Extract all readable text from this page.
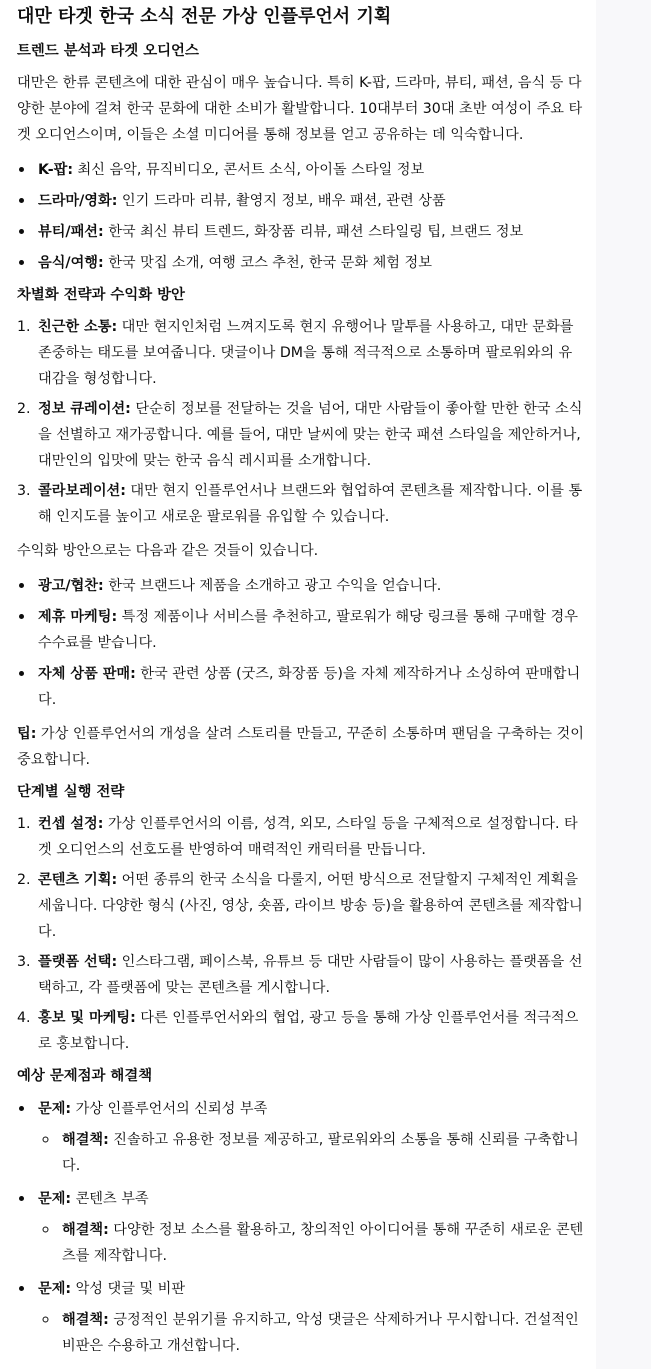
대만 타겟 한국 소식 전문 가상 인플루언서 기획
트렌드 분석과 타겟 오디언스

대만은 한류 콘텐츠에 대한 관심이 매우 높습니다. 특히 K-팝, 드라마, 뷰티, 패션, 음식 등 다양한 분야에 걸쳐 한국 문화에 대한 소비가 활발합니다. 10대부터 30대 초반 여성이 주요 타겟 오디언스이며, 이들은 소셜 미디어를 통해 정보를 얻고 공유하는 데 익숙합니다.

• K-팝: 최신 음악, 뮤직비디오, 콘서트 소식, 아이돌 스타일 정보
• 드라마/영화: 인기 드라마 리뷰, 촬영지 정보, 배우 패션, 관련 상품
• 뷰티/패션: 한국 최신 뷰티 트렌드, 화장품 리뷰, 패션 스타일링 팁, 브랜드 정보
• 음식/여행: 한국 맛집 소개, 여행 코스 추천, 한국 문화 체험 정보
차별화 전략과 수익화 방안
1. 친근한 소통: 대만 현지인처럼 느껴지도록 현지 유행어나 말투를 사용하고, 대만 문화를 존중하는 태도를 보여줍니다. 댓글이나 DM을 통해 적극적으로 소통하며 팔로워와의 유대감을 형성합니다.
2. 정보 큐레이션: 단순히 정보를 전달하는 것을 넘어, 대만 사람들이 좋아할 만한 한국 소식을 선별하고 재가공합니다. 예를 들어, 대만 날씨에 맞는 한국 패션 스타일을 제안하거나, 대만인의 입맛에 맞는 한국 음식 레시피를 소개합니다.
3. 콜라보레이션: 대만 현지 인플루언서나 브랜드와 협업하여 콘텐츠를 제작합니다. 이를 통해 인지도를 높이고 새로운 팔로워를 유입할 수 있습니다.

수익화 방안으로는 다음과 같은 것들이 있습니다.

• 광고/협찬: 한국 브랜드나 제품을 소개하고 광고 수익을 얻습니다.
• 제휴 마케팅: 특정 제품이나 서비스를 추천하고, 팔로워가 해당 링크를 통해 구매할 경우 수수료를 받습니다.
• 자체 상품 판매: 한국 관련 상품 (굿즈, 화장품 등)을 자체 제작하거나 소싱하여 판매합니다.

팁: 가상 인플루언서의 개성을 살려 스토리를 만들고, 꾸준히 소통하며 팬덤을 구축하는 것이 중요합니다.

단계별 실행 전략
1. 컨셉 설정: 가상 인플루언서의 이름, 성격, 외모, 스타일 등을 구체적으로 설정합니다. 타겟 오디언스의 선호도를 반영하여 매력적인 캐릭터를 만듭니다.
2. 콘텐츠 기획: 어떤 종류의 한국 소식을 다룰지, 어떤 방식으로 전달할지 구체적인 계획을 세웁니다. 다양한 형식 (사진, 영상, 숏폼, 라이브 방송 등)을 활용하여 콘텐츠를 제작합니다.
3. 플랫폼 선택: 인스타그램, 페이스북, 유튜브 등 대만 사람들이 많이 사용하는 플랫폼을 선택하고, 각 플랫폼에 맞는 콘텐츠를 게시합니다.
4. 홍보 및 마케팅: 다른 인플루언서와의 협업, 광고 등을 통해 가상 인플루언서를 적극적으로 홍보합니다.
예상 문제점과 해결책
• 문제: 가상 인플루언서의 신뢰성 부족
◦ 해결책: 진솔하고 유용한 정보를 제공하고, 팔로워와의 소통을 통해 신뢰를 구축합니다.
• 문제: 콘텐츠 부족
◦ 해결책: 다양한 정보 소스를 활용하고, 창의적인 아이디어를 통해 꾸준히 새로운 콘텐츠를 제작합니다.
• 문제: 악성 댓글 및 비판
◦ 해결책: 긍정적인 분위기를 유지하고, 악성 댓글은 삭제하거나 무시합니다. 건설적인 비판은 수용하고 개선합니다.
